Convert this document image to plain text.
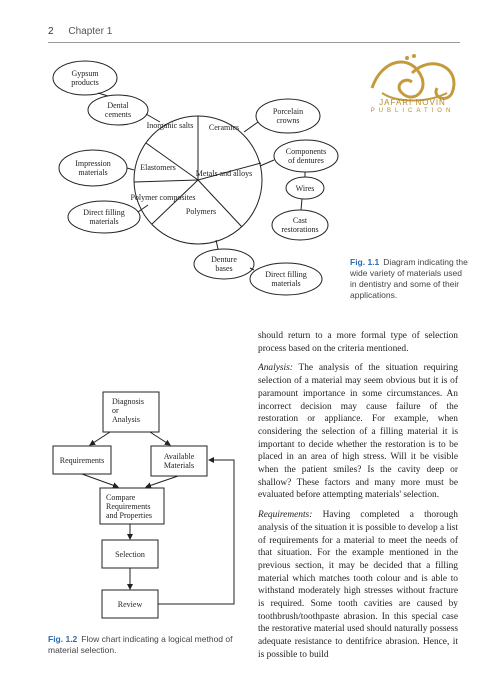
2 Chapter 1
JAFARI NOVIN
PUBLICATION
Inorganic salts Ceramics
Elastomers
Metals and alloys
Polymer composites
Polymers
Gypsum products
Dental cements
Impression materials
Direct filling materials
Porcelain crowns
Components of dentures
Wires
Cast restorations
Denture bases
Direct filling materials
Diagnosis or Analysis
Requirements	Available Materials
Compare Requirements and Properties
Selection
Review
Fig. 1.1 Diagram indicating the wide variety of materials used in dentistry and some of their applications.
Fig. 1.2 Flow chart indicating a logical method of material selection.

should return to a more formal type of selection process based on the criteria mentioned.

Analysis: The analysis of the situation requiring selection of a material may seem obvious but it is of paramount importance in some circumstances. An incorrect decision may cause failure of the restoration or appliance. For example, when considering the selection of a filling material it is important to decide whether the restoration is to be placed in an area of high stress. Will it be visible when the patient smiles? Is the cavity deep or shallow? These factors and many more must be evaluated before attempting materials' selection.

Requirements: Having completed a thorough analysis of the situation it is possible to develop a list of requirements for a material to meet the needs of that situation. For the example mentioned in the previous section, it may be decided that a filling material which matches tooth colour and is able to withstand moderately high stresses without fracture is required. Some tooth cavities are caused by toothbrush/toothpaste abrasion. In this special case the restorative material used should naturally possess adequate resistance to dentifrice abrasion. Hence, it is possible to build
